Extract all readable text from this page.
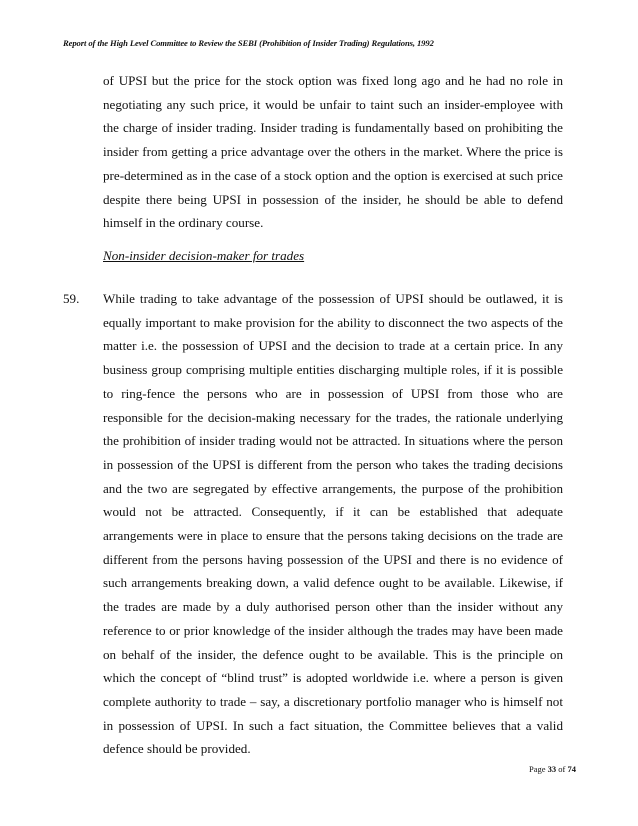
Report of the High Level Committee to Review the SEBI (Prohibition of Insider Trading) Regulations, 1992

of UPSI but the price for the stock option was fixed long ago and he had no role in negotiating any such price, it would be unfair to taint such an insider-employee with the charge of insider trading. Insider trading is fundamentally based on prohibiting the insider from getting a price advantage over the others in the market. Where the price is pre-determined as in the case of a stock option and the option is exercised at such price despite there being UPSI in possession of the insider, he should be able to defend himself in the ordinary course.

Non-insider decision-maker for trades
59. While trading to take advantage of the possession of UPSI should be outlawed, it is equally important to make provision for the ability to disconnect the two aspects of the matter i.e. the possession of UPSI and the decision to trade at a certain price. In any business group comprising multiple entities discharging multiple roles, if it is possible to ring-fence the persons who are in possession of UPSI from those who are responsible for the decision-making necessary for the trades, the rationale underlying the prohibition of insider trading would not be attracted. In situations where the person in possession of the UPSI is different from the person who takes the trading decisions and the two are segregated by effective arrangements, the purpose of the prohibition would not be attracted. Consequently, if it can be established that adequate arrangements were in place to ensure that the persons taking decisions on the trade are different from the persons having possession of the UPSI and there is no evidence of such arrangements breaking down, a valid defence ought to be available. Likewise, if the trades are made by a duly authorised person other than the insider without any reference to or prior knowledge of the insider although the trades may have been made on behalf of the insider, the defence ought to be available. This is the principle on which the concept of “blind trust” is adopted worldwide i.e. where a person is given complete authority to trade – say, a discretionary portfolio manager who is himself not in possession of UPSI. In such a fact situation, the Committee believes that a valid defence should be provided.

Page 33 of 74
